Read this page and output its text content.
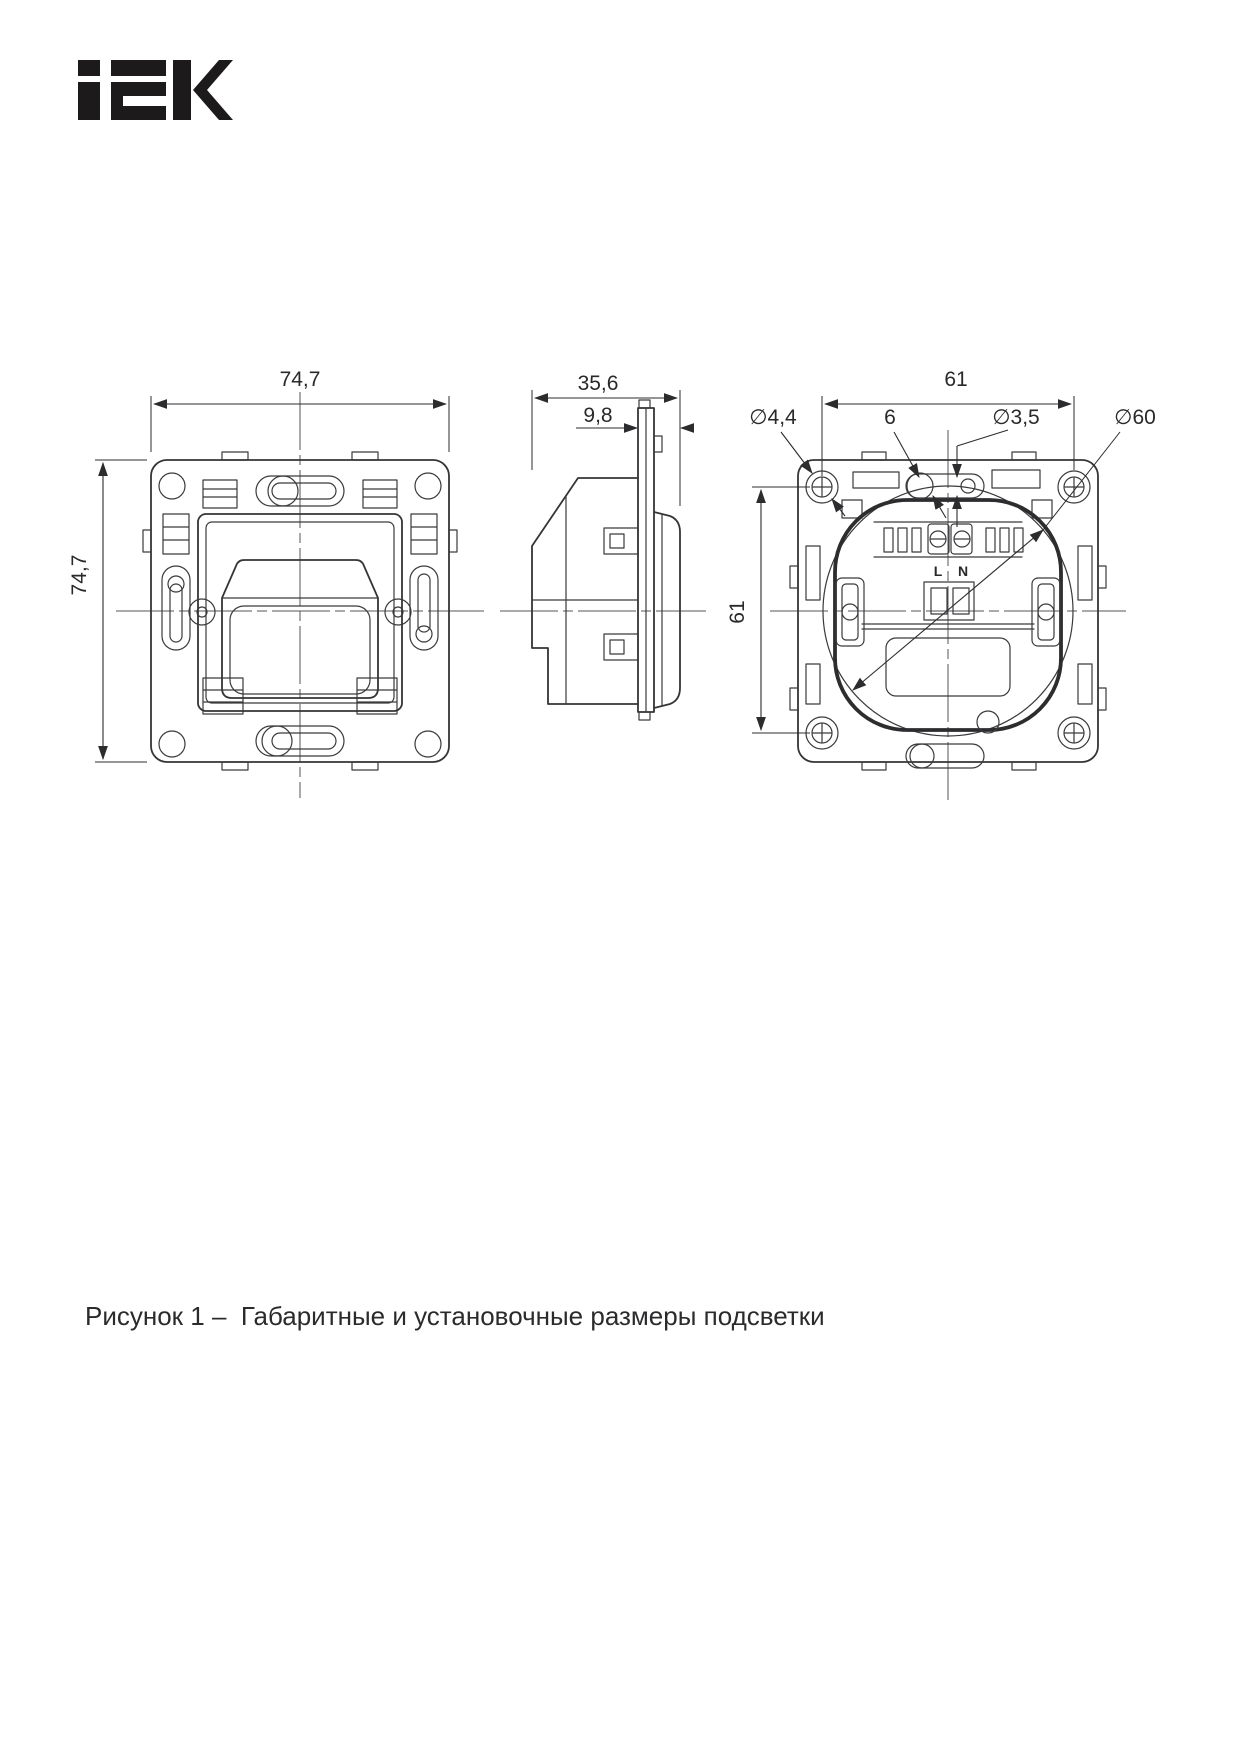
74,7
74,7
35,6
9,8
L N
61
61
∅4,4	6	∅3,5	∅60
Рисунок 1 –  Габаритные и установочные размеры подсветки
